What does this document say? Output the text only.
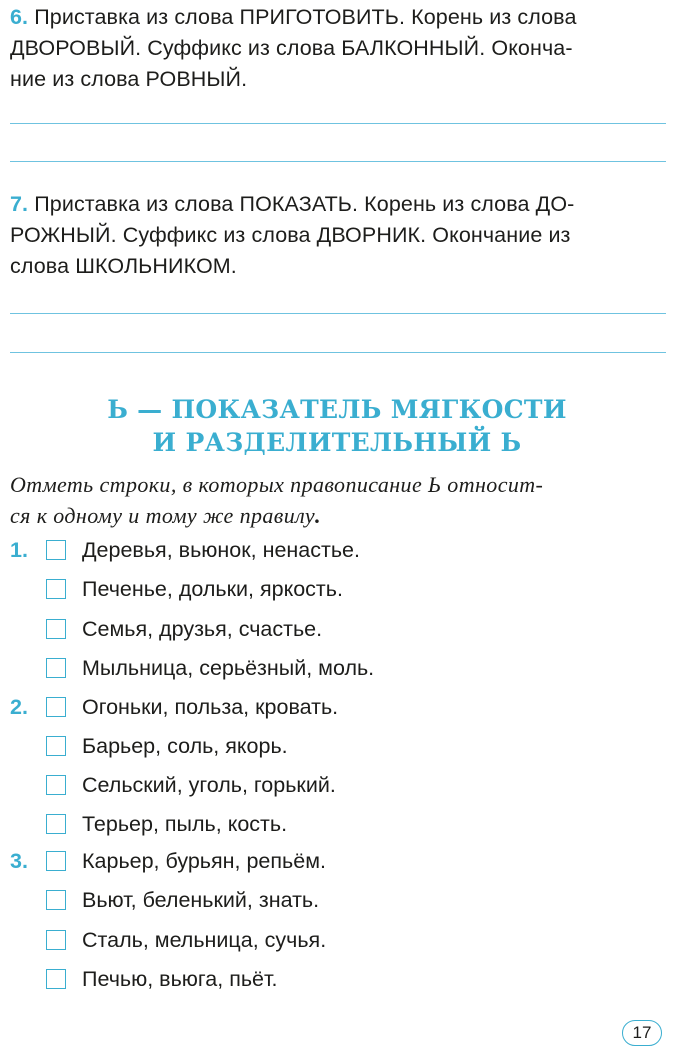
6. Приставка из слова ПРИГОТОВИТЬ. Корень из слова
ДВОРОВЫЙ. Суффикс из слова БАЛКОННЫЙ. Оконча-
ние из слова РОВНЫЙ.
7. Приставка из слова ПОКАЗАТЬ. Корень из слова ДО-
РОЖНЫЙ. Суффикс из слова ДВОРНИК. Окончание из
слова ШКОЛЬНИКОМ.
Ь — ПОКАЗАТЕЛЬ МЯГКОСТИ
И РАЗДЕЛИТЕЛЬНЫЙ Ь
Отметь строки, в которых правописание Ь относит-
ся к одному и тому же правилу.
1.	Деревья, вьюнок, ненастье.
Печенье, дольки, яркость.
Семья, друзья, счастье.
Мыльница, серьёзный, моль.
2.	Огоньки, польза, кровать.
Барьер, соль, якорь.
Сельский, уголь, горький.
Терьер, пыль, кость.
3.	Карьер, бурьян, репьём.
Вьют, беленький, знать.
Сталь, мельница, сучья.
Печью, вьюга, пьёт.
17
